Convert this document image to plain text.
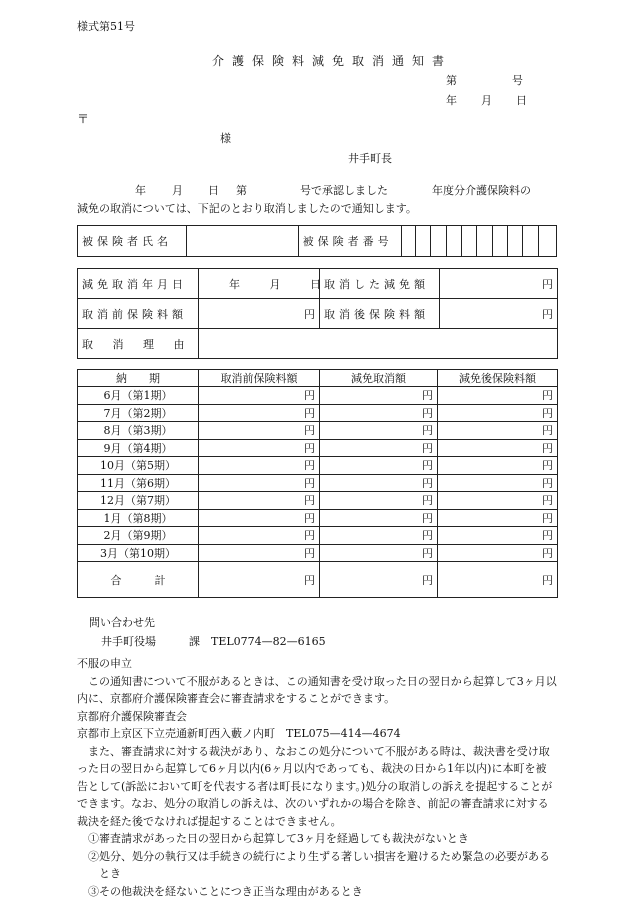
様式第51号
介護保険料減免取消通知書
第	号
年 月 日
〒
様
井手町長
年 月 日 第	号で承認しました	年度分介護保険料の
減免の取消については、下記のとおり取消しましたので通知します。
被保険者氏名		被保険者番号										
減免取消年月日	年 月 日	取消した減免額	円
取消前保険料額	円	取消後保険料額	円
取 消 理 由			
納　　期	取消前保険料額	減免取消額	減免後保険料額
6月（第1期）	円	円	円
7月（第2期）	円	円	円
8月（第3期）	円	円	円
9月（第4期）	円	円	円
10月（第5期）	円	円	円
11月（第6期）	円	円	円
12月（第7期）	円	円	円
1月（第8期）	円	円	円
2月（第9期）	円	円	円
3月（第10期）	円	円	円
合　　　計	円	円	円
問い合わせ先
井手町役場　　　課　TEL0774—82—6165

不服の申立

この通知書について不服があるときは、この通知書を受け取った日の翌日から起算して3ヶ月以内に、京都府介護保険審査会に審査請求をすることができます。

京都府介護保険審査会

京都市上京区下立売通新町西入藪ノ内町　TEL075—414—4674

また、審査請求に対する裁決があり、なおこの処分について不服がある時は、裁決書を受け取った日の翌日から起算して6ヶ月以内(6ヶ月以内であっても、裁決の日から1年以内)に本町を被告として(訴訟において町を代表する者は町長になります。)処分の取消しの訴えを提起することができます。なお、処分の取消しの訴えは、次のいずれかの場合を除き、前記の審査請求に対する裁決を経た後でなければ提起することはできません。

①審査請求があった日の翌日から起算して3ヶ月を経過しても裁決がないとき

②処分、処分の執行又は手続きの続行により生ずる著しい損害を避けるため緊急の必要があるとき

③その他裁決を経ないことにつき正当な理由があるとき
